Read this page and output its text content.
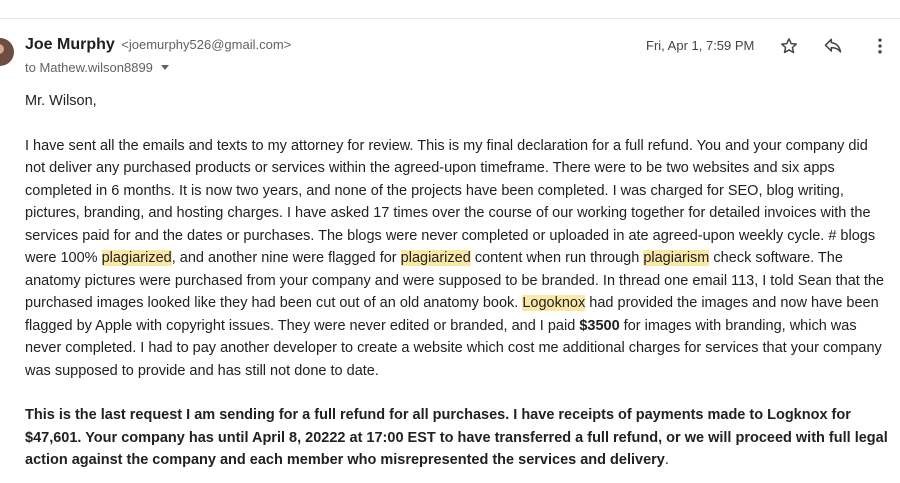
Joe Murphy <joemurphy526@gmail.com>
to Mathew.wilson8899
Fri, Apr 1, 7:59 PM

Mr. Wilson,

I have sent all the emails and texts to my attorney for review. This is my final declaration for a full refund. You and your company did not deliver any purchased products or services within the agreed-upon timeframe. There were to be two websites and six apps completed in 6 months. It is now two years, and none of the projects have been completed. I was charged for SEO, blog writing, pictures, branding, and hosting charges. I have asked 17 times over the course of our working together for detailed invoices with the services paid for and the dates or purchases. The blogs were never completed or uploaded in ate agreed-upon weekly cycle. # blogs were 100% plagiarized, and another nine were flagged for plagiarized content when run through plagiarism check software. The anatomy pictures were purchased from your company and were supposed to be branded. In thread one email 113, I told Sean that the purchased images looked like they had been cut out of an old anatomy book. Logoknox had provided the images and now have been flagged by Apple with copyright issues. They were never edited or branded, and I paid $3500 for images with branding, which was never completed. I had to pay another developer to create a website which cost me additional charges for services that your company was supposed to provide and has still not done to date.

This is the last request I am sending for a full refund for all purchases. I have receipts of payments made to Logknox for $47,601. Your company has until April 8, 20222 at 17:00 EST to have transferred a full refund, or we will proceed with full legal action against the company and each member who misrepresented the services and delivery.
